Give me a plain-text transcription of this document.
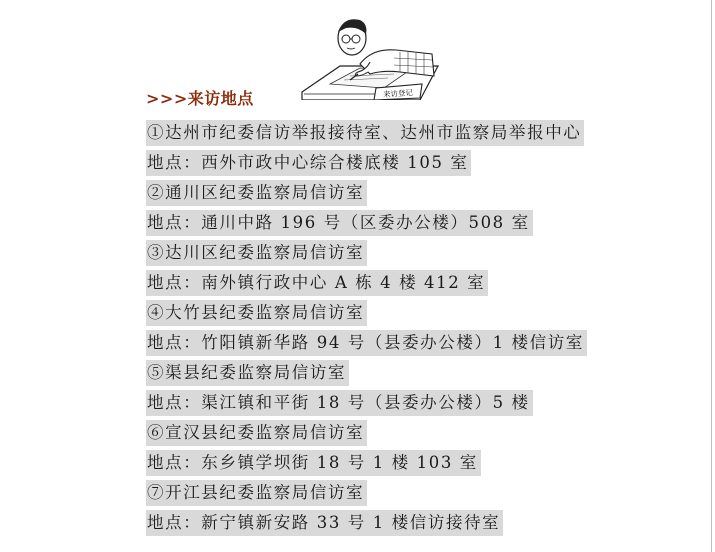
来访登记
>>>来访地点
①达州市纪委信访举报接待室、达州市监察局举报中心
地点：西外市政中心综合楼底楼 105 室
②通川区纪委监察局信访室
地点：通川中路 196 号（区委办公楼）508 室
③达川区纪委监察局信访室
地点：南外镇行政中心 A 栋 4 楼 412 室
④大竹县纪委监察局信访室
地点：竹阳镇新华路 94 号（县委办公楼）1 楼信访室
⑤渠县纪委监察局信访室
地点：渠江镇和平街 18 号（县委办公楼）5 楼
⑥宣汉县纪委监察局信访室
地点：东乡镇学坝街 18 号 1 楼 103 室
⑦开江县纪委监察局信访室
地点：新宁镇新安路 33 号 1 楼信访接待室
